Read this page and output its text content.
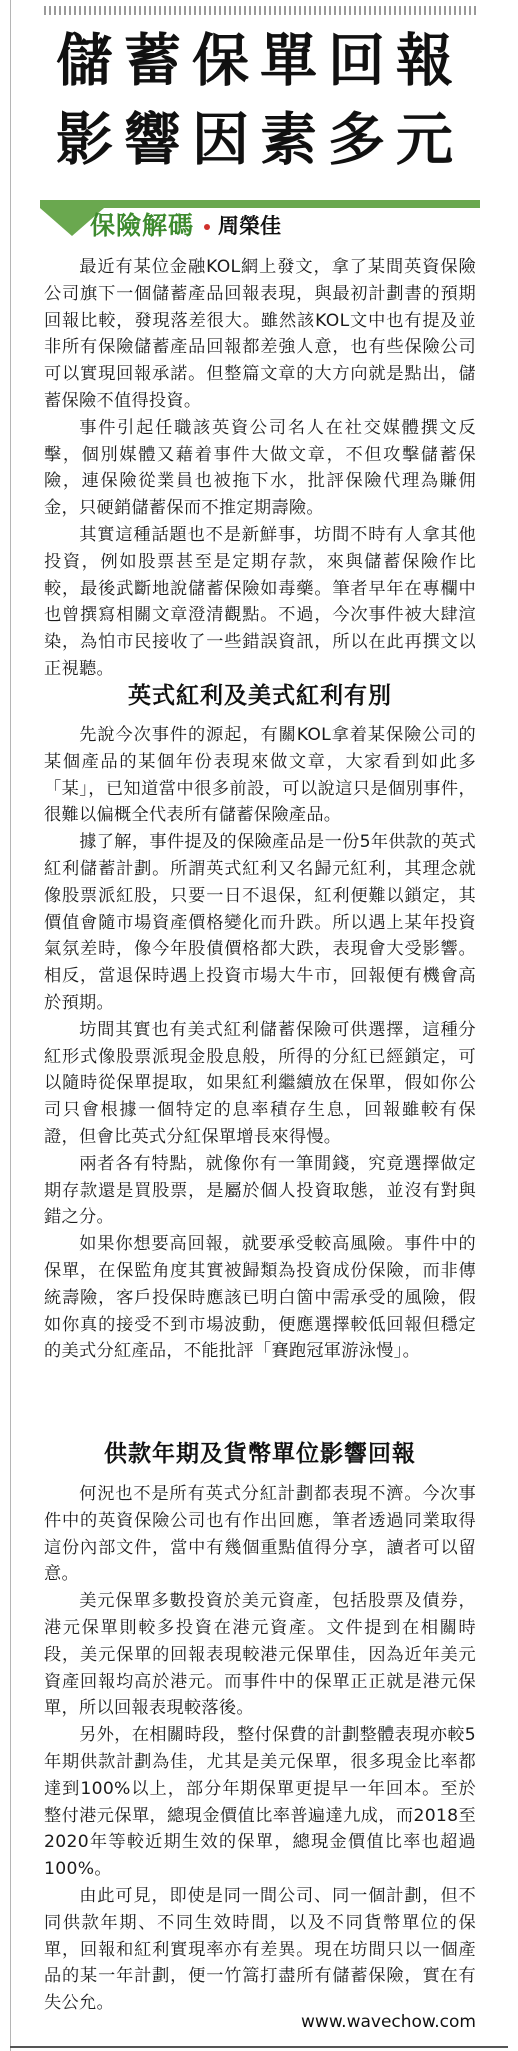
儲蓄保單回報
影響因素多元
保險解碼 周榮佳

最近有某位金融KOL網上發文，拿了某間英資保險公司旗下一個儲蓄產品回報表現，與最初計劃書的預期回報比較，發現落差很大。雖然該KOL文中也有提及並非所有保險儲蓄產品回報都差強人意，也有些保險公司可以實現回報承諾。但整篇文章的大方向就是點出，儲蓄保險不值得投資。

事件引起任職該英資公司名人在社交媒體撰文反擊，個別媒體又藉着事件大做文章，不但攻擊儲蓄保險，連保險從業員也被拖下水，批評保險代理為賺佣金，只硬銷儲蓄保而不推定期壽險。

其實這種話題也不是新鮮事，坊間不時有人拿其他投資，例如股票甚至是定期存款，來與儲蓄保險作比較，最後武斷地說儲蓄保險如毒藥。筆者早年在專欄中也曾撰寫相關文章澄清觀點。不過，今次事件被大肆渲染，為怕市民接收了一些錯誤資訊，所以在此再撰文以正視聽。

英式紅利及美式紅利有別

先說今次事件的源起，有關KOL拿着某保險公司的某個產品的某個年份表現來做文章，大家看到如此多「某」，已知道當中很多前設，可以說這只是個別事件，很難以偏概全代表所有儲蓄保險產品。

據了解，事件提及的保險產品是一份5年供款的英式紅利儲蓄計劃。所謂英式紅利又名歸元紅利，其理念就像股票派紅股，只要一日不退保，紅利便難以鎖定，其價值會隨市場資產價格變化而升跌。所以遇上某年投資氣氛差時，像今年股債價格都大跌，表現會大受影響。相反，當退保時遇上投資市場大牛市，回報便有機會高於預期。

坊間其實也有美式紅利儲蓄保險可供選擇，這種分紅形式像股票派現金股息般，所得的分紅已經鎖定，可以隨時從保單提取，如果紅利繼續放在保單，假如你公司只會根據一個特定的息率積存生息，回報雖較有保證，但會比英式分紅保單增長來得慢。

兩者各有特點，就像你有一筆閒錢，究竟選擇做定期存款還是買股票，是屬於個人投資取態，並沒有對與錯之分。

如果你想要高回報，就要承受較高風險。事件中的保單，在保監角度其實被歸類為投資成份保險，而非傳統壽險，客戶投保時應該已明白箇中需承受的風險，假如你真的接受不到市場波動，便應選擇較低回報但穩定的美式分紅產品，不能批評「賽跑冠軍游泳慢」。

供款年期及貨幣單位影響回報

何況也不是所有英式分紅計劃都表現不濟。今次事件中的英資保險公司也有作出回應，筆者透過同業取得這份內部文件，當中有幾個重點值得分享，讀者可以留意。

美元保單多數投資於美元資產，包括股票及債券，港元保單則較多投資在港元資產。文件提到在相關時段，美元保單的回報表現較港元保單佳，因為近年美元資產回報均高於港元。而事件中的保單正正就是港元保單，所以回報表現較落後。

另外，在相關時段，整付保費的計劃整體表現亦較5年期供款計劃為佳，尤其是美元保單，很多現金比率都達到100%以上，部分年期保單更提早一年回本。至於整付港元保單，總現金價值比率普遍達九成，而2018至2020年等較近期生效的保單，總現金價值比率也超過100%。

由此可見，即使是同一間公司、同一個計劃，但不同供款年期、不同生效時間，以及不同貨幣單位的保單，回報和紅利實現率亦有差異。現在坊間只以一個產品的某一年計劃，便一竹篙打盡所有儲蓄保險，實在有失公允。

www.wavechow.com
